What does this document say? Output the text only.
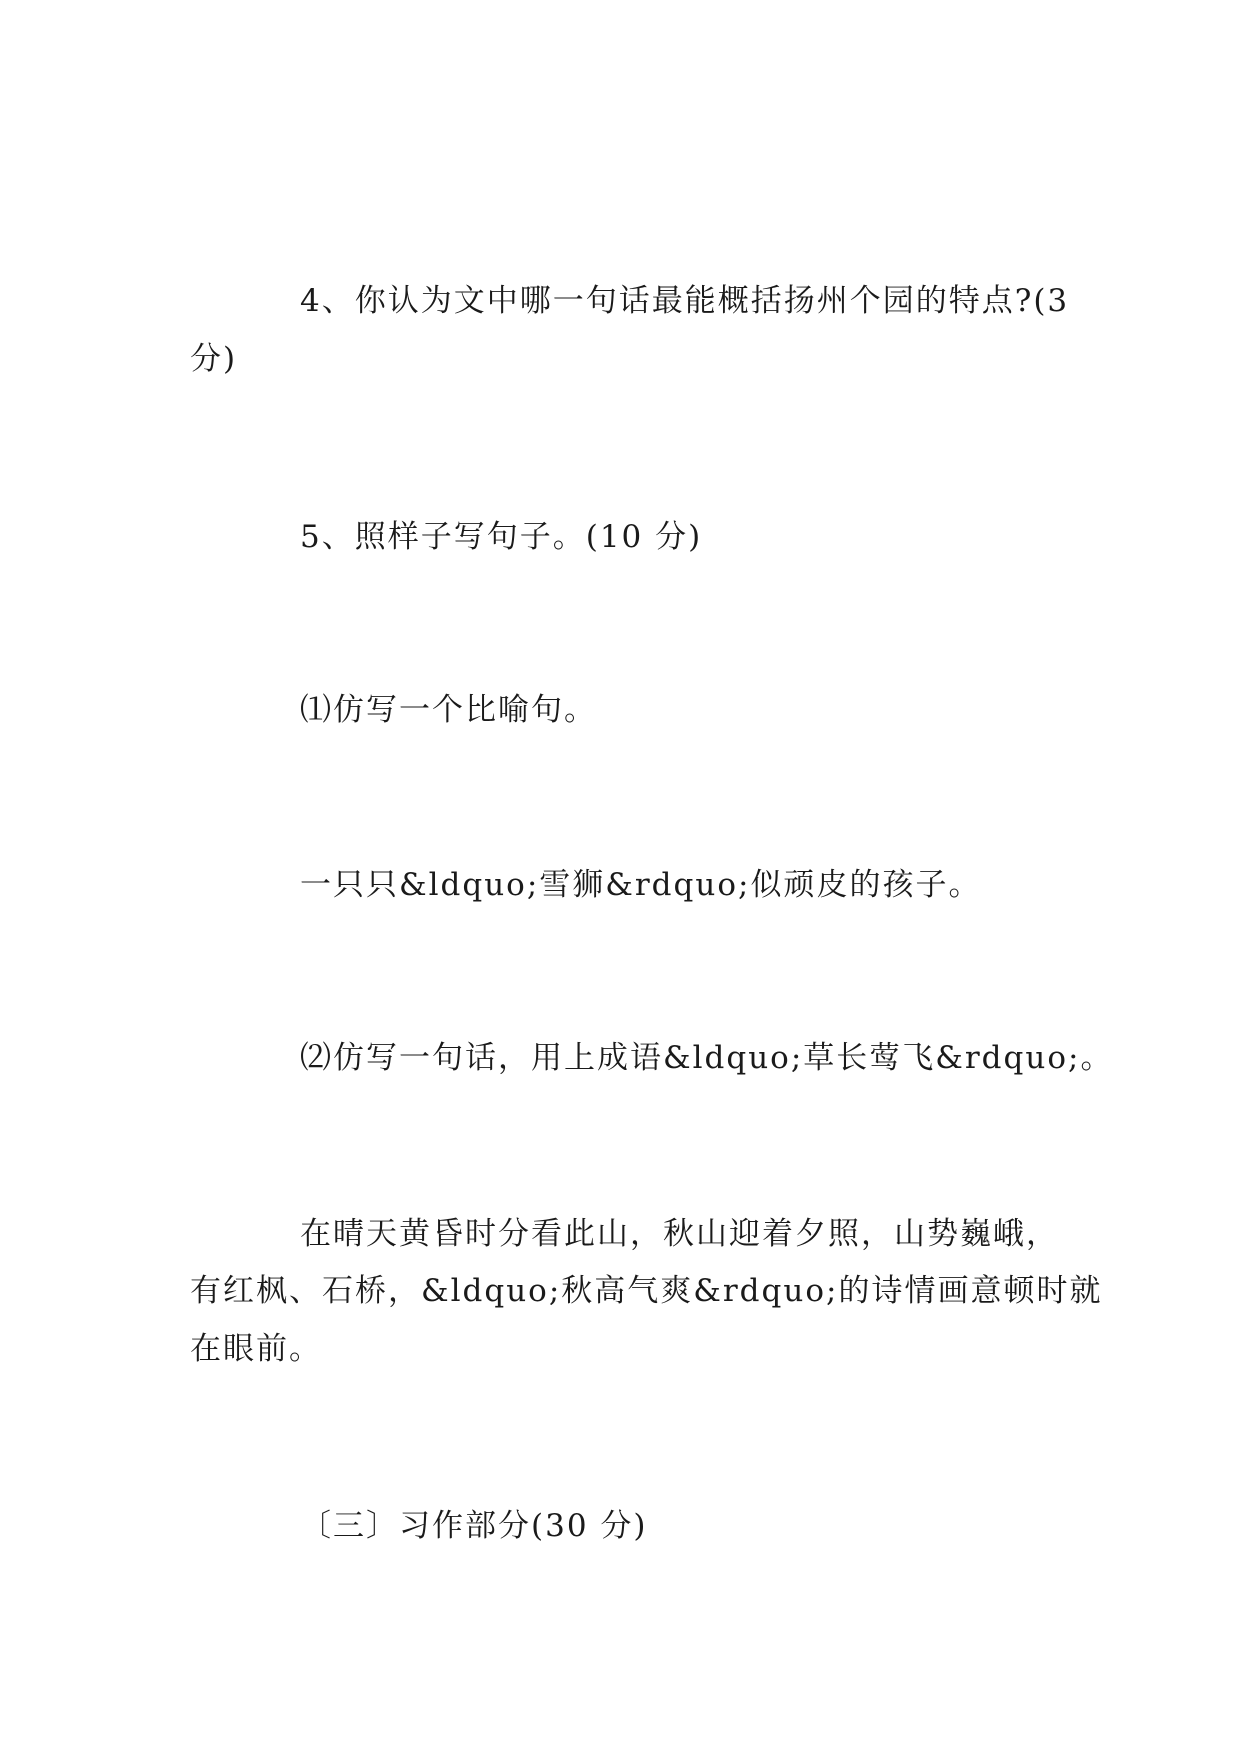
4、你认为文中哪一句话最能概括扬州个园的特点?(3
分)
5、照样子写句子。(10 分)
⑴仿写一个比喻句。
一只只&ldquo;雪狮&rdquo;似顽皮的孩子。
⑵仿写一句话，用上成语&ldquo;草长莺飞&rdquo;。
在晴天黄昏时分看此山，秋山迎着夕照，山势巍峨，
有红枫、石桥，&ldquo;秋高气爽&rdquo;的诗情画意顿时就
在眼前。
〔三〕习作部分(30 分)
